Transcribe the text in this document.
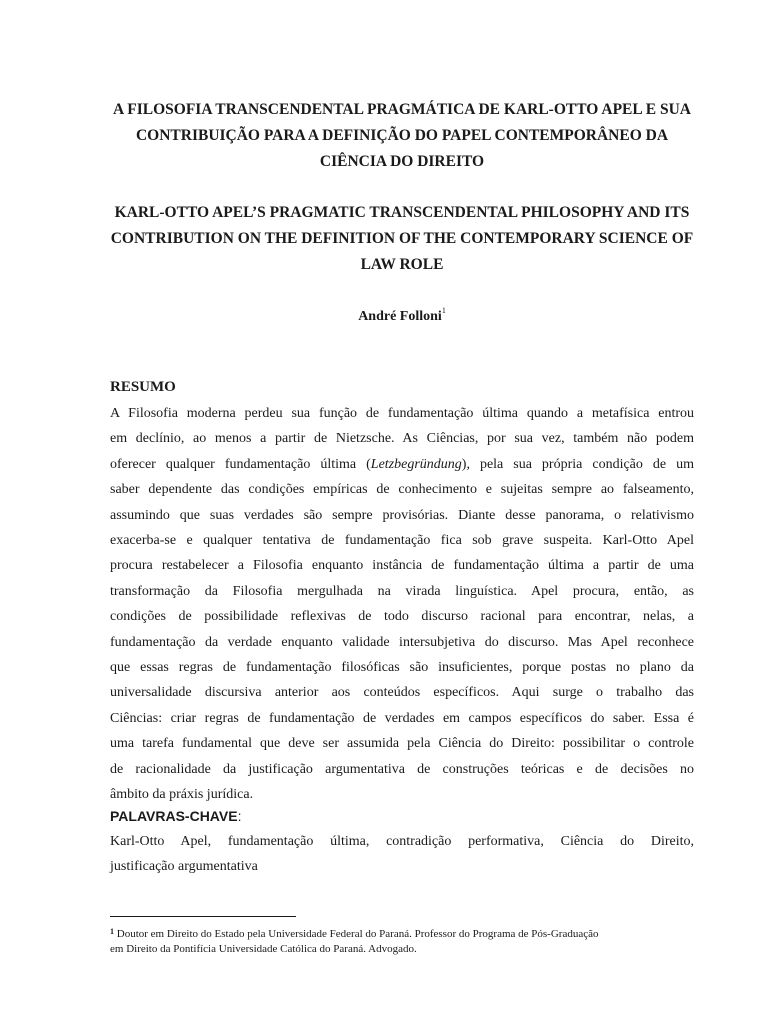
A FILOSOFIA TRANSCENDENTAL PRAGMÁTICA DE KARL-OTTO APEL E SUA
CONTRIBUIÇÃO PARA A DEFINIÇÃO DO PAPEL CONTEMPORÂNEO DA
CIÊNCIA DO DIREITO
KARL-OTTO APEL’S PRAGMATIC TRANSCENDENTAL PHILOSOPHY AND ITS
CONTRIBUTION ON THE DEFINITION OF THE CONTEMPORARY SCIENCE OF
LAW ROLE
André Folloni$^1$
RESUMO
A Filosofia moderna perdeu sua função de fundamentação última quando a metafísica entrou
em declínio, ao menos a partir de Nietzsche. As Ciências, por sua vez, também não podem
oferecer qualquer fundamentação última (Letzbegründung), pela sua própria condição de um
saber dependente das condições empíricas de conhecimento e sujeitas sempre ao falseamento,
assumindo que suas verdades são sempre provisórias. Diante desse panorama, o relativismo
exacerba-se e qualquer tentativa de fundamentação fica sob grave suspeita. Karl-Otto Apel
procura restabelecer a Filosofia enquanto instância de fundamentação última a partir de uma
transformação da Filosofia mergulhada na virada linguística. Apel procura, então, as
condições de possibilidade reflexivas de todo discurso racional para encontrar, nelas, a
fundamentação da verdade enquanto validade intersubjetiva do discurso. Mas Apel reconhece
que essas regras de fundamentação filosóficas são insuficientes, porque postas no plano da
universalidade discursiva anterior aos conteúdos específicos. Aqui surge o trabalho das
Ciências: criar regras de fundamentação de verdades em campos específicos do saber. Essa é
uma tarefa fundamental que deve ser assumida pela Ciência do Direito: possibilitar o controle
de racionalidade da justificação argumentativa de construções teóricas e de decisões no
âmbito da práxis jurídica.
PALAVRAS-CHAVE:
Karl-Otto Apel, fundamentação última, contradição performativa, Ciência do Direito,
justificação argumentativa
$^1$ Doutor em Direito do Estado pela Universidade Federal do Paraná. Professor do Programa de Pós-Graduação
em Direito da Pontifícia Universidade Católica do Paraná. Advogado.
